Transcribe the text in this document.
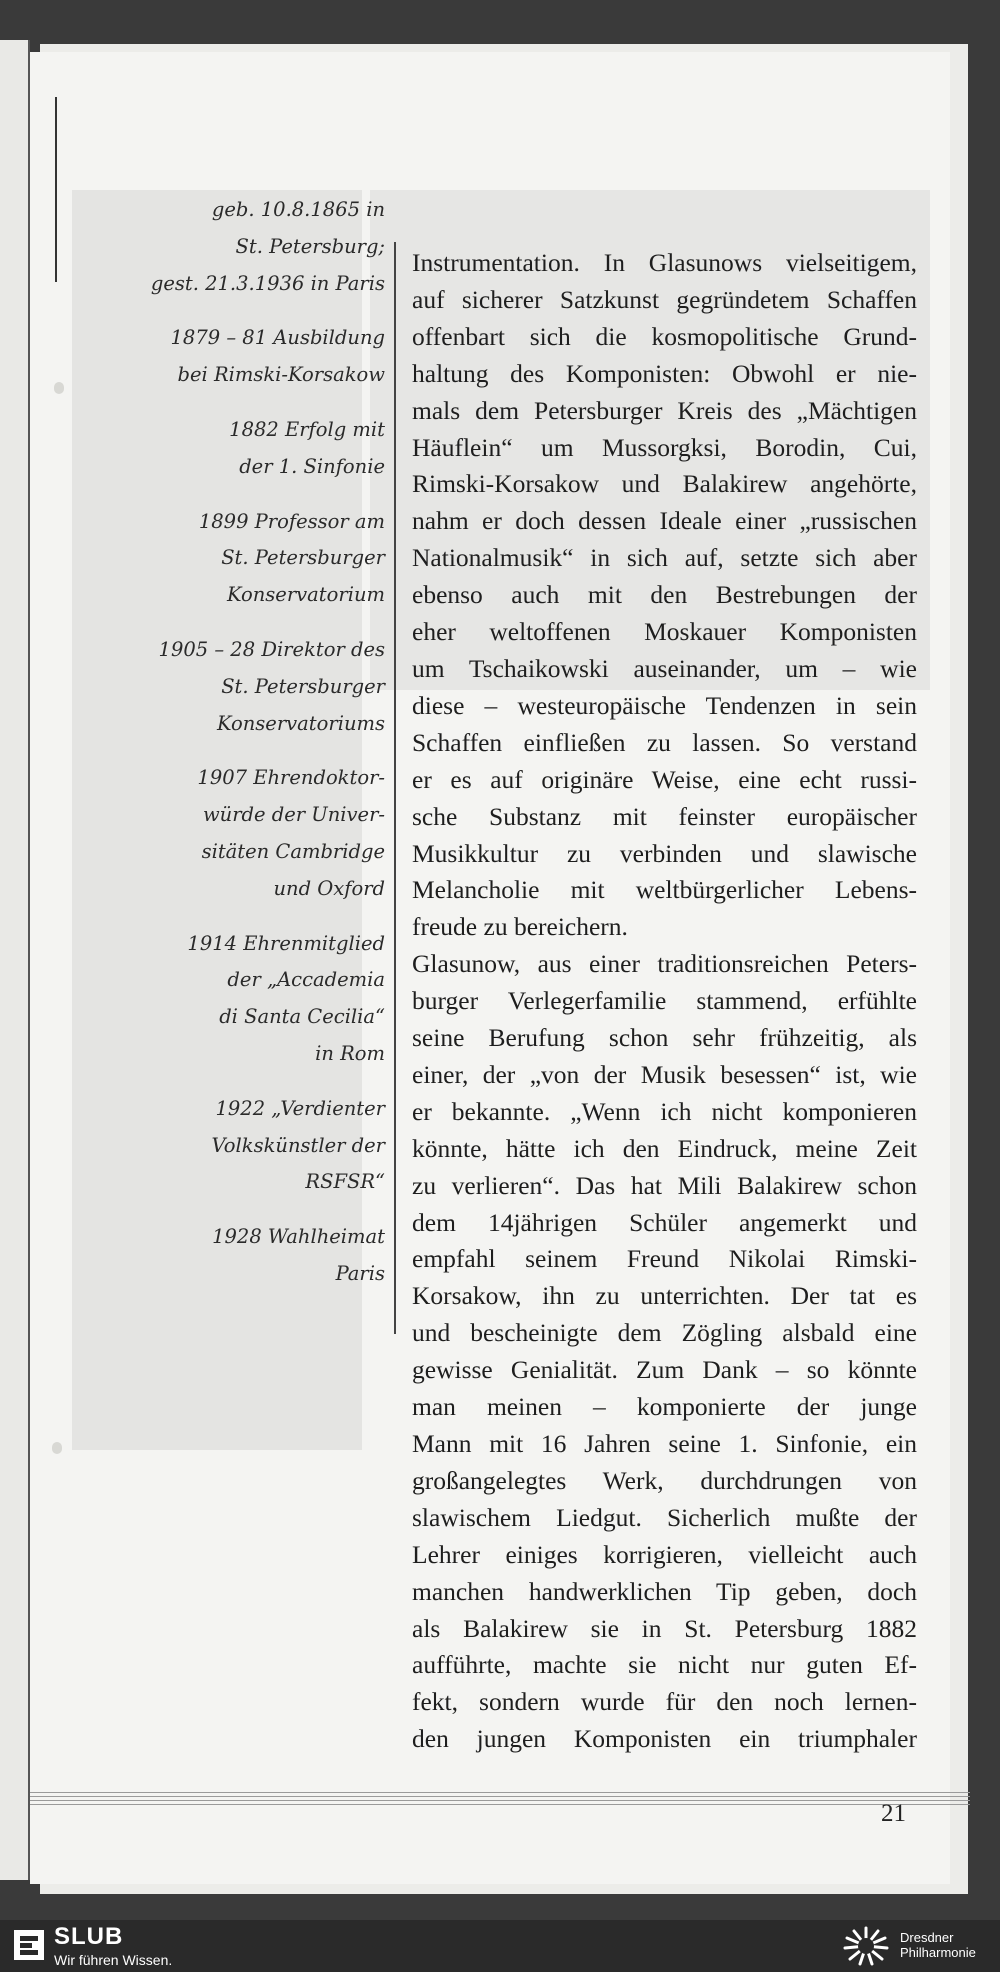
geb. 10.8.1865 in
St. Petersburg;
gest. 21.3.1936 in Paris
1879 – 81 Ausbildung
bei Rimski-Korsakow
1882 Erfolg mit
der 1. Sinfonie
1899 Professor am
St. Petersburger
Konservatorium
1905 – 28 Direktor des
St. Petersburger
Konservatoriums
1907 Ehrendoktor-
würde der Univer-
sitäten Cambridge
und Oxford
1914 Ehrenmitglied
der „Accademia
di Santa Cecilia“
in Rom
1922 „Verdienter
Volkskünstler der
RSFSR“
1928 Wahlheimat
Paris
Instrumentation. In Glasunows vielseitigem,
auf sicherer Satzkunst gegründetem Schaffen
offenbart sich die kosmopolitische Grund-
haltung des Komponisten: Obwohl er nie-
mals dem Petersburger Kreis des „Mächtigen
Häuflein“ um Mussorgksi, Borodin, Cui,
Rimski-Korsakow und Balakirew angehörte,
nahm er doch dessen Ideale einer „russischen
Nationalmusik“ in sich auf, setzte sich aber
ebenso auch mit den Bestrebungen der
eher weltoffenen Moskauer Komponisten
um Tschaikowski auseinander, um – wie
diese – westeuropäische Tendenzen in sein
Schaffen einfließen zu lassen. So verstand
er es auf originäre Weise, eine echt russi-
sche Substanz mit feinster europäischer
Musikkultur zu verbinden und slawische
Melancholie mit weltbürgerlicher Lebens-
freude zu bereichern.
Glasunow, aus einer traditionsreichen Peters-
burger Verlegerfamilie stammend, erfühlte
seine Berufung schon sehr frühzeitig, als
einer, der „von der Musik besessen“ ist, wie
er bekannte. „Wenn ich nicht komponieren
könnte, hätte ich den Eindruck, meine Zeit
zu verlieren“. Das hat Mili Balakirew schon
dem 14jährigen Schüler angemerkt und
empfahl seinem Freund Nikolai Rimski-
Korsakow, ihn zu unterrichten. Der tat es
und bescheinigte dem Zögling alsbald eine
gewisse Genialität. Zum Dank – so könnte
man meinen – komponierte der junge
Mann mit 16 Jahren seine 1. Sinfonie, ein
großangelegtes Werk, durchdrungen von
slawischem Liedgut. Sicherlich mußte der
Lehrer einiges korrigieren, vielleicht auch
manchen handwerklichen Tip geben, doch
als Balakirew sie in St. Petersburg 1882
aufführte, machte sie nicht nur guten Ef-
fekt, sondern wurde für den noch lernen-
den jungen Komponisten ein triumphaler
21
SLUB
Wir führen Wissen.
Dresdner
Philharmonie
